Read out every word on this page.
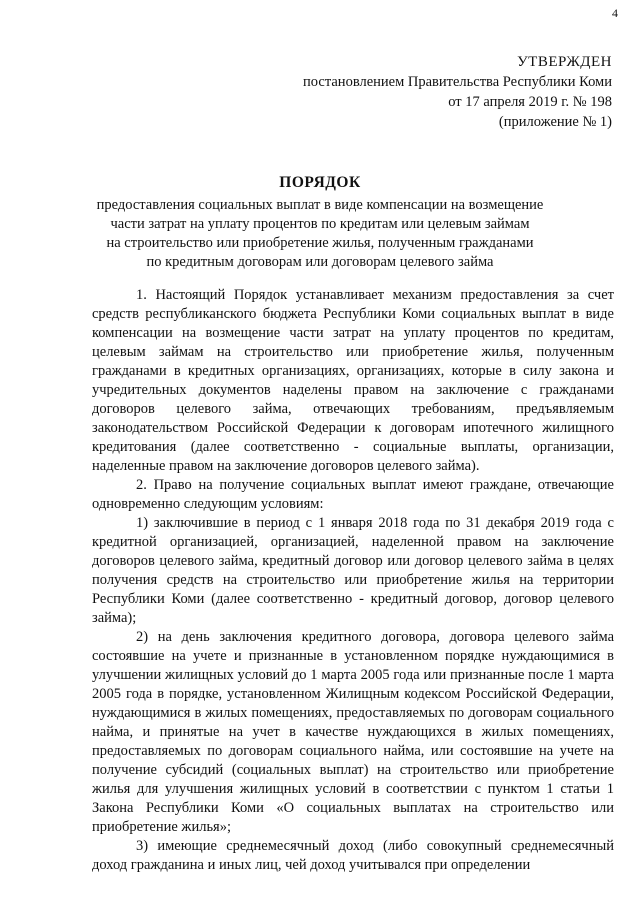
4
УТВЕРЖДЕН
постановлением Правительства Республики Коми
от 17 апреля 2019 г. № 198
(приложение № 1)
ПОРЯДОК
предоставления социальных выплат в виде компенсации на возмещение
части затрат на уплату процентов по кредитам или целевым займам
на строительство или приобретение жилья, полученным гражданами
по кредитным договорам или договорам целевого займа

1. Настоящий Порядок устанавливает механизм предоставления за счет средств республиканского бюджета Республики Коми социальных выплат в виде компенсации на возмещение части затрат на уплату процентов по кредитам, целевым займам на строительство или приобретение жилья, полученным гражданами в кредитных организациях, организациях, которые в силу закона и учредительных документов наделены правом на заключение с гражданами договоров целевого займа, отвечающих требованиям, предъявляемым законодательством Российской Федерации к договорам ипотечного жилищного кредитования (далее соответственно - социальные выплаты, организации, наделенные правом на заключение договоров целевого займа).

2. Право на получение социальных выплат имеют граждане, отвечающие одновременно следующим условиям:

1) заключившие в период с 1 января 2018 года по 31 декабря 2019 года с кредитной организацией, организацией, наделенной правом на заключение договоров целевого займа, кредитный договор или договор целевого займа в целях получения средств на строительство или приобретение жилья на территории Республики Коми (далее соответственно - кредитный договор, договор целевого займа);

2) на день заключения кредитного договора, договора целевого займа состоявшие на учете и признанные в установленном порядке нуждающимися в улучшении жилищных условий до 1 марта 2005 года или признанные после 1 марта 2005 года в порядке, установленном Жилищным кодексом Российской Федерации, нуждающимися в жилых помещениях, предоставляемых по договорам социального найма, и принятые на учет в качестве нуждающихся в жилых помещениях, предоставляемых по договорам социального найма, или состоявшие на учете на получение субсидий (социальных выплат) на строительство или приобретение жилья для улучшения жилищных условий в соответствии с пунктом 1 статьи 1 Закона Республики Коми «О социальных выплатах на строительство или приобретение жилья»;

3) имеющие среднемесячный доход (либо совокупный среднемесячный доход гражданина и иных лиц, чей доход учитывался при определении
